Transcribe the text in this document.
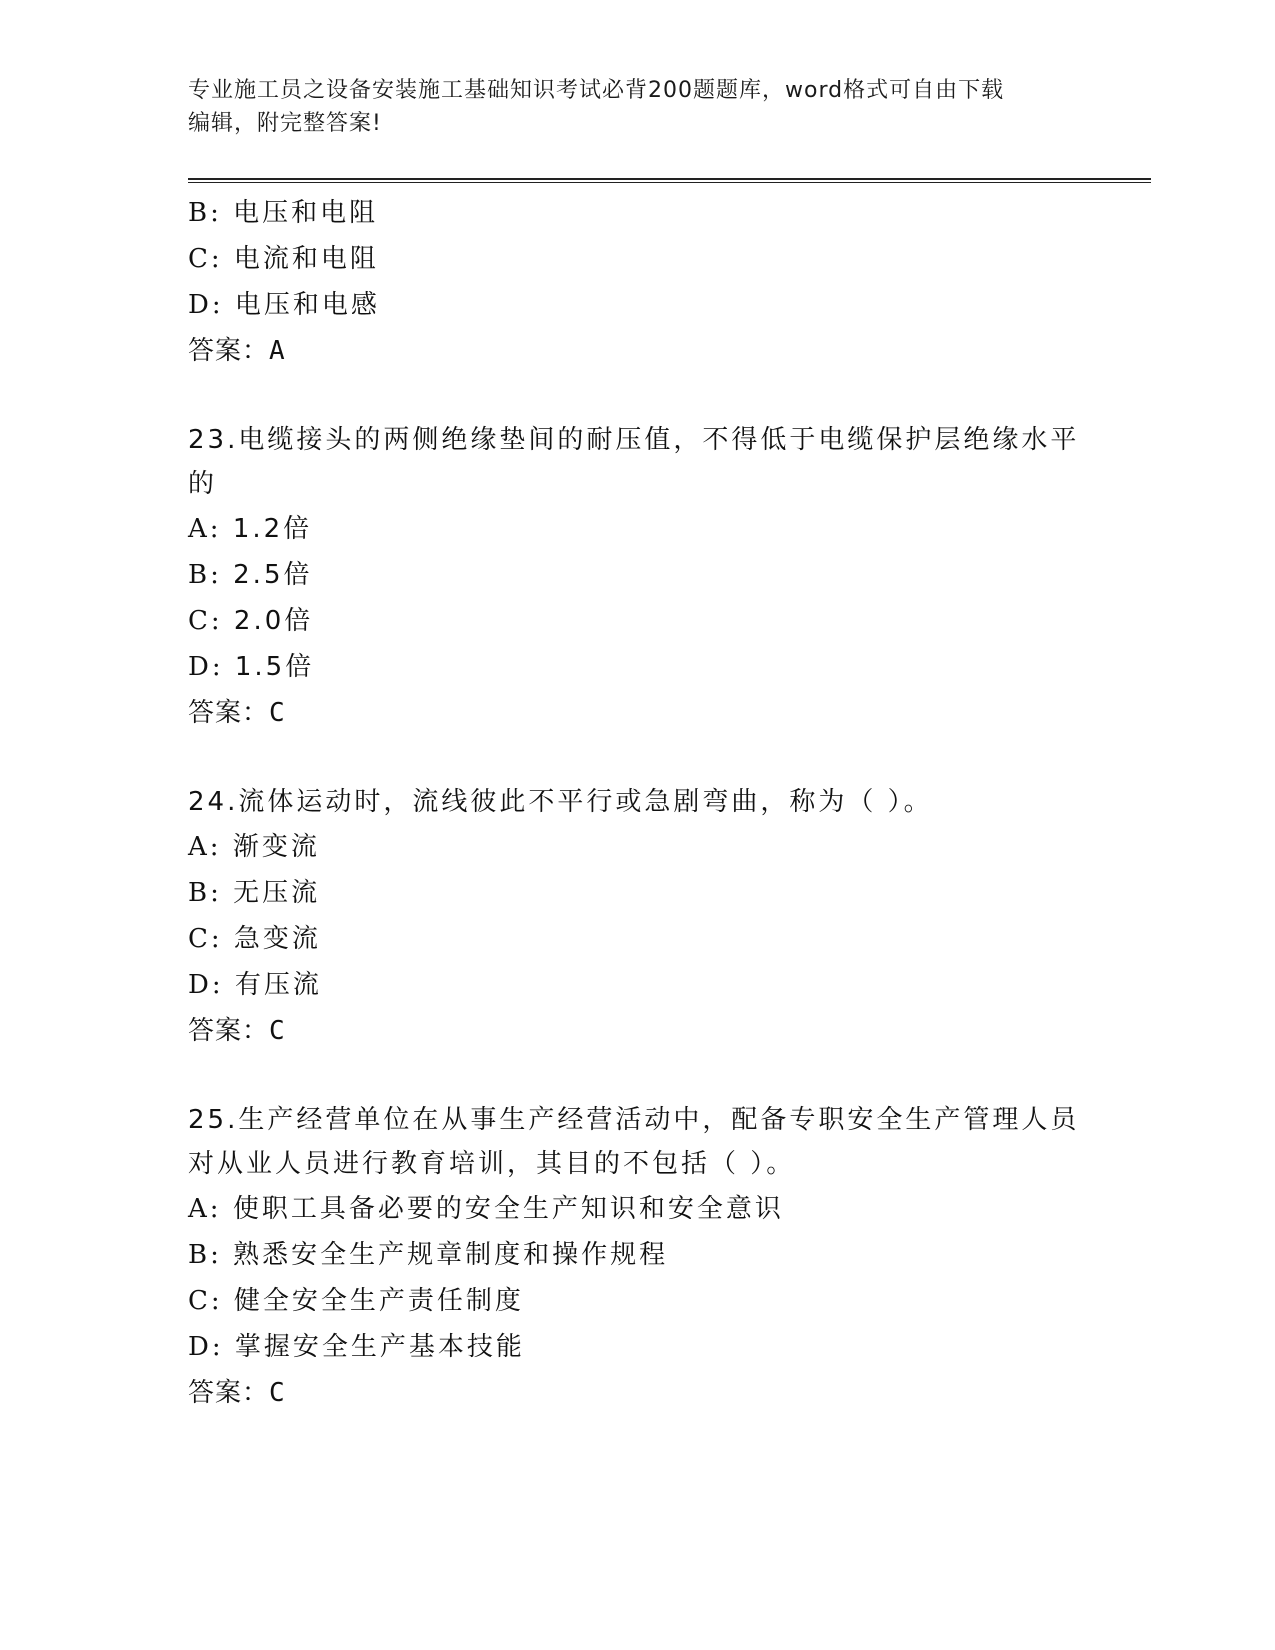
专业施工员之设备安装施工基础知识考试必背200题题库，word格式可自由下载
编辑，附完整答案!
B: 电压和电阻
C: 电流和电阻
D: 电压和电感
答案：A
23.电缆接头的两侧绝缘垫间的耐压值，不得低于电缆保护层绝缘水平的
A: 1.2倍
B: 2.5倍
C: 2.0倍
D: 1.5倍
答案：C
24.流体运动时，流线彼此不平行或急剧弯曲，称为（ ）。
A: 渐变流
B: 无压流
C: 急变流
D: 有压流
答案：C
25.生产经营单位在从事生产经营活动中，配备专职安全生产管理人员对从业人员进行教育培训，其目的不包括（ ）。
A: 使职工具备必要的安全生产知识和安全意识
B: 熟悉安全生产规章制度和操作规程
C: 健全安全生产责任制度
D: 掌握安全生产基本技能
答案：C
